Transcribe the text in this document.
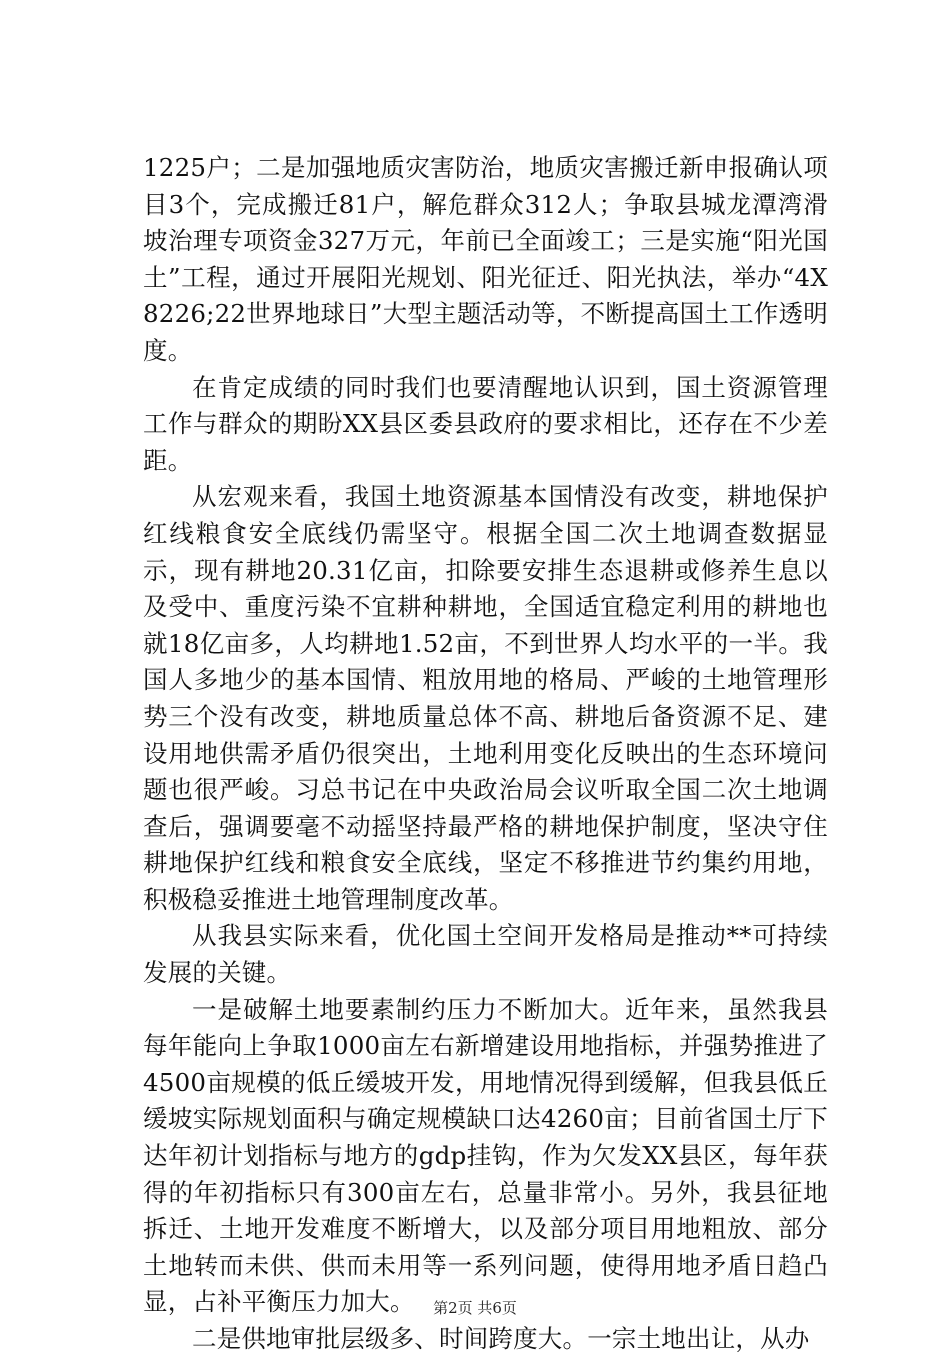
1225户；二是加强地质灾害防治，地质灾害搬迁新申报确认项目3个，完成搬迁81户，解危群众312人；争取县城龙潭湾滑坡治理专项资金327万元，年前已全面竣工；三是实施“阳光国土”工程，通过开展阳光规划、阳光征迁、阳光执法，举办“4X8226;22世界地球日”大型主题活动等，不断提高国土工作透明度。

在肯定成绩的同时我们也要清醒地认识到，国土资源管理工作与群众的期盼XX县区委县政府的要求相比，还存在不少差距。

从宏观来看，我国土地资源基本国情没有改变，耕地保护红线粮食安全底线仍需坚守。根据全国二次土地调查数据显示，现有耕地20.31亿亩，扣除要安排生态退耕或修养生息以及受中、重度污染不宜耕种耕地，全国适宜稳定利用的耕地也就18亿亩多，人均耕地1.52亩，不到世界人均水平的一半。我国人多地少的基本国情、粗放用地的格局、严峻的土地管理形势三个没有改变，耕地质量总体不高、耕地后备资源不足、建设用地供需矛盾仍很突出，土地利用变化反映出的生态环境问题也很严峻。习总书记在中央政治局会议听取全国二次土地调查后，强调要毫不动摇坚持最严格的耕地保护制度，坚决守住耕地保护红线和粮食安全底线，坚定不移推进节约集约用地，积极稳妥推进土地管理制度改革。

从我县实际来看，优化国土空间开发格局是推动**可持续发展的关键。

一是破解土地要素制约压力不断加大。近年来，虽然我县每年能向上争取1000亩左右新增建设用地指标，并强势推进了4500亩规模的低丘缓坡开发，用地情况得到缓解，但我县低丘缓坡实际规划面积与确定规模缺口达4260亩；目前省国土厅下达年初计划指标与地方的gdp挂钩，作为欠发XX县区，每年获得的年初指标只有300亩左右，总量非常小。另外，我县征地拆迁、土地开发难度不断增大，以及部分项目用地粗放、部分土地转而未供、供而未用等一系列问题，使得用地矛盾日趋凸显，占补平衡压力加大。

二是供地审批层级多、时间跨度大。一宗土地出让，从办

第2页 共6页
